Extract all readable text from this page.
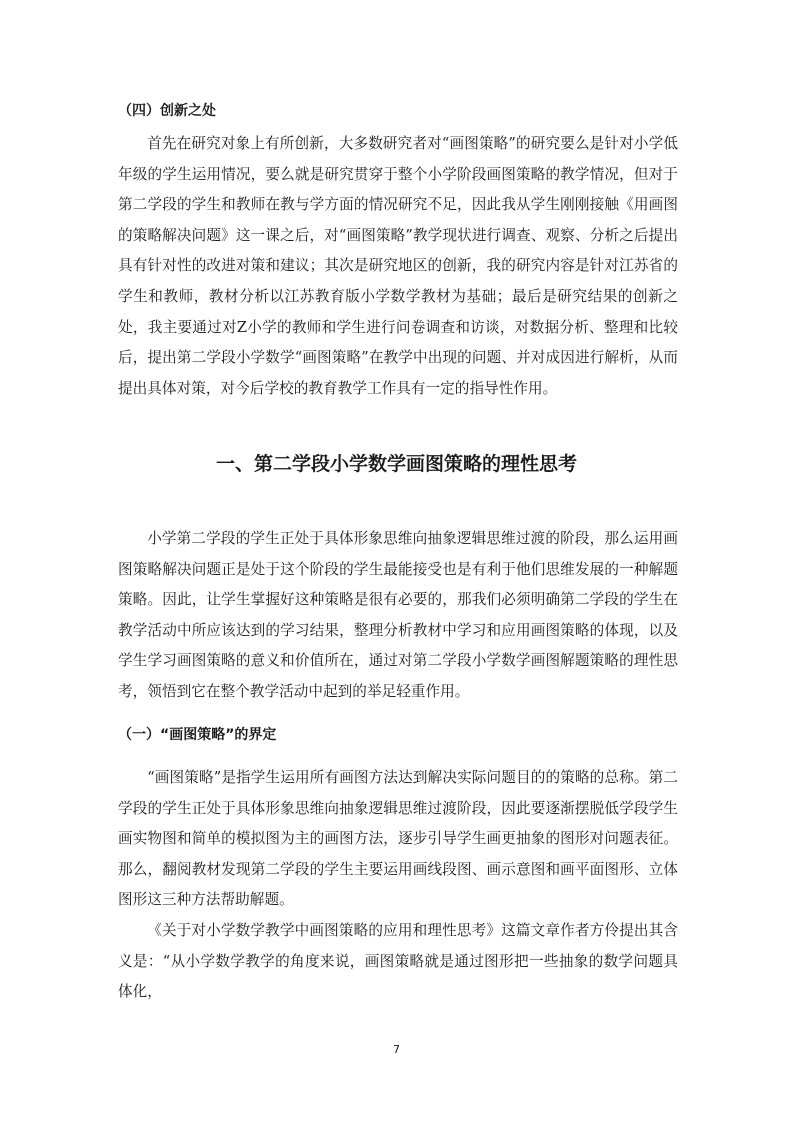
（四）创新之处

首先在研究对象上有所创新，大多数研究者对“画图策略”的研究要么是针对小学低年级的学生运用情况，要么就是研究贯穿于整个小学阶段画图策略的教学情况，但对于第二学段的学生和教师在教与学方面的情况研究不足，因此我从学生刚刚接触《用画图的策略解决问题》这一课之后，对“画图策略”教学现状进行调查、观察、分析之后提出具有针对性的改进对策和建议；其次是研究地区的创新，我的研究内容是针对江苏省的学生和教师，教材分析以江苏教育版小学数学教材为基础；最后是研究结果的创新之处，我主要通过对Z小学的教师和学生进行问卷调查和访谈，对数据分析、整理和比较后，提出第二学段小学数学“画图策略”在教学中出现的问题、并对成因进行解析，从而提出具体对策，对今后学校的教育教学工作具有一定的指导性作用。

一、第二学段小学数学画图策略的理性思考

小学第二学段的学生正处于具体形象思维向抽象逻辑思维过渡的阶段，那么运用画图策略解决问题正是处于这个阶段的学生最能接受也是有利于他们思维发展的一种解题策略。因此，让学生掌握好这种策略是很有必要的，那我们必须明确第二学段的学生在教学活动中所应该达到的学习结果，整理分析教材中学习和应用画图策略的体现，以及学生学习画图策略的意义和价值所在，通过对第二学段小学数学画图解题策略的理性思考，领悟到它在整个教学活动中起到的举足轻重作用。

（一）“画图策略”的界定

“画图策略”是指学生运用所有画图方法达到解决实际问题目的的策略的总称。第二学段的学生正处于具体形象思维向抽象逻辑思维过渡阶段，因此要逐渐摆脱低学段学生画实物图和简单的模拟图为主的画图方法，逐步引导学生画更抽象的图形对问题表征。那么，翻阅教材发现第二学段的学生主要运用画线段图、画示意图和画平面图形、立体图形这三种方法帮助解题。

《关于对小学数学教学中画图策略的应用和理性思考》这篇文章作者方伶提出其含义是：“从小学数学教学的角度来说，画图策略就是通过图形把一些抽象的数学问题具体化，

7
